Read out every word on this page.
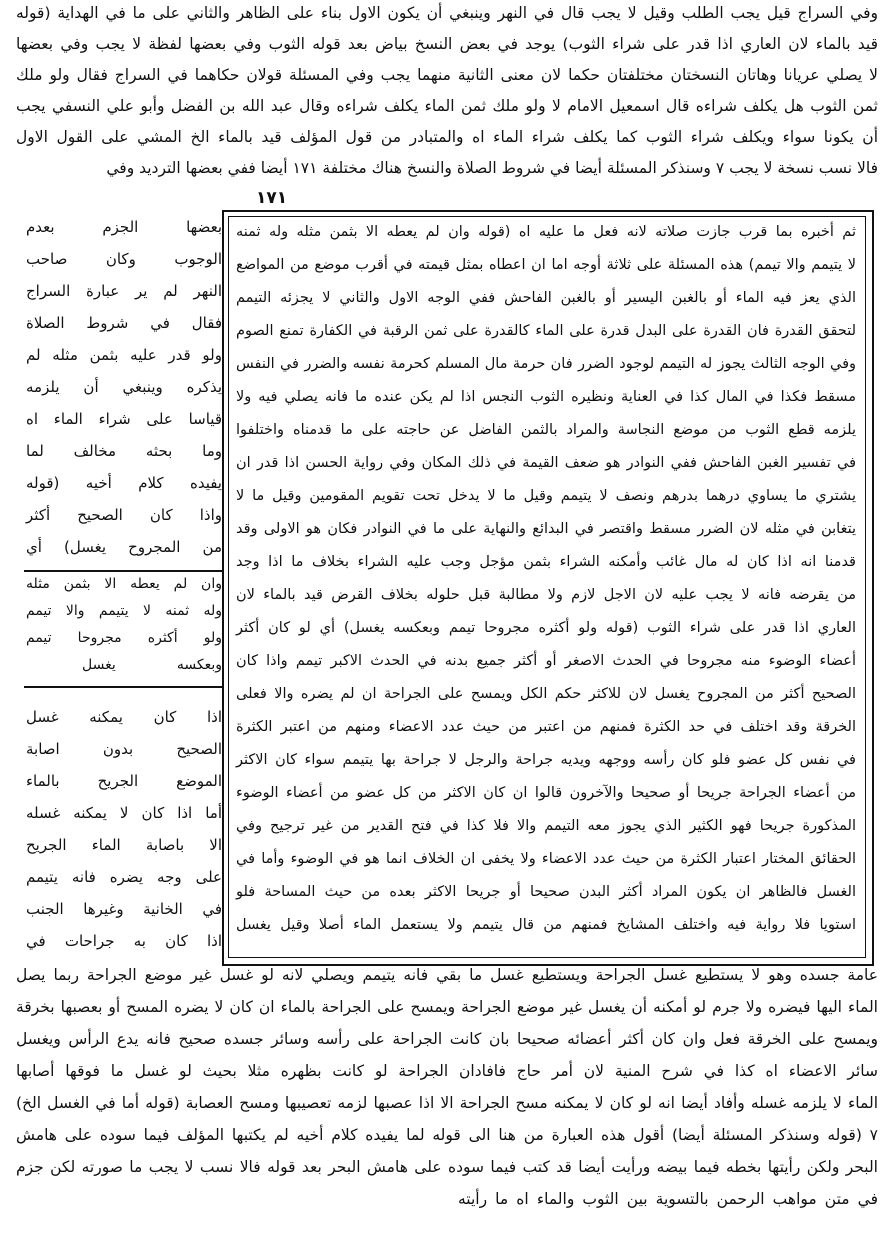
وفي السراج قيل يجب الطلب وقيل لا يجب قال في النهر وينبغي أن يكون الاول بناء على الظاهر والثاني على ما في الهداية (قوله
قيد بالماء لان العاري اذا قدر على شراء الثوب) يوجد في بعض النسخ بياض بعد قوله الثوب وفي بعضها لفظة لا يجب وفي بعضها
لا يصلي عريانا وهاتان النسختان مختلفتان حكما لان معنى الثانية منهما يجب وفي المسئلة قولان حكاهما في السراج فقال ولو ملك
ثمن الثوب هل يكلف شراءه قال اسمعيل الامام لا ولو ملك ثمن الماء يكلف شراءه وقال عبد الله بن الفضل وأبو علي النسفي يجب
أن يكونا سواء ويكلف شراء الثوب كما يكلف شراء الماء اه والمتبادر من قول المؤلف قيد بالماء الخ المشي على القول الاول
فالا نسب نسخة لا يجب ٧ وسنذكر المسئلة أيضا في شروط الصلاة والنسخ هناك مختلفة ١٧١ أيضا ففي بعضها الترديد وفي
١٧١
ثم أخبره بما قرب جازت صلاته لانه فعل ما عليه اه (قوله وان لم يعطه الا بثمن مثله وله ثمنه
لا يتيمم والا تيمم) هذه المسئلة على ثلاثة أوجه اما ان اعطاه بمثل قيمته في أقرب موضع من المواضع
الذي يعز فيه الماء أو بالغبن اليسير أو بالغبن الفاحش ففي الوجه الاول والثاني لا يجزئه التيمم
لتحقق القدرة فان القدرة على البدل قدرة على الماء كالقدرة على ثمن الرقبة في الكفارة تمنع الصوم
وفي الوجه الثالث يجوز له التيمم لوجود الضرر فان حرمة مال المسلم كحرمة نفسه والضرر في النفس
مسقط فكذا في المال كذا في العناية ونظيره الثوب النجس اذا لم يكن عنده ما فانه يصلي فيه ولا
يلزمه قطع الثوب من موضع النجاسة والمراد بالثمن الفاضل عن حاجته على ما قدمناه واختلفوا
في تفسير الغبن الفاحش ففي النوادر هو ضعف القيمة في ذلك المكان وفي رواية الحسن اذا قدر ان
يشتري ما يساوي درهما بدرهم ونصف لا يتيمم وقيل ما لا يدخل تحت تقويم المقومين وقيل ما لا
يتغابن في مثله لان الضرر مسقط واقتصر في البدائع والنهاية على ما في النوادر فكان هو الاولى وقد
قدمنا انه اذا كان له مال غائب وأمكنه الشراء بثمن مؤجل وجب عليه الشراء بخلاف ما اذا وجد
من يقرضه فانه لا يجب عليه لان الاجل لازم ولا مطالبة قبل حلوله بخلاف القرض قيد بالماء لان
العاري اذا قدر على شراء الثوب (قوله ولو أكثره مجروحا تيمم وبعكسه يغسل) أي لو كان أكثر
أعضاء الوضوء منه مجروحا في الحدث الاصغر أو أكثر جميع بدنه في الحدث الاكبر تيمم واذا كان
الصحيح أكثر من المجروح يغسل لان للاكثر حكم الكل ويمسح على الجراحة ان لم يضره والا فعلى
الخرقة وقد اختلف في حد الكثرة فمنهم من اعتبر من حيث عدد الاعضاء ومنهم من اعتبر الكثرة
في نفس كل عضو فلو كان رأسه ووجهه ويديه جراحة والرجل لا جراحة بها يتيمم سواء كان الاكثر
من أعضاء الجراحة جريحا أو صحيحا والآخرون قالوا ان كان الاكثر من كل عضو من أعضاء الوضوء
المذكورة جريحا فهو الكثير الذي يجوز معه التيمم والا فلا كذا في فتح القدير من غير ترجيح وفي
الحقائق المختار اعتبار الكثرة من حيث عدد الاعضاء ولا يخفى ان الخلاف انما هو في الوضوء وأما في
الغسل فالظاهر ان يكون المراد أكثر البدن صحيحا أو جريحا الاكثر بعده من حيث المساحة فلو
استويا فلا رواية فيه واختلف المشايخ فمنهم من قال يتيمم ولا يستعمل الماء أصلا وقيل يغسل
بعضها الجزم بعدم
الوجوب وكان صاحب
النهر لم ير عبارة السراج
فقال في شروط الصلاة
ولو قدر عليه بثمن مثله لم
يذكره وينبغي أن يلزمه
قياسا على شراء الماء اه
وما بحثه مخالف لما
يفيده كلام أخيه (قوله
واذا كان الصحيح أكثر
من المجروح يغسل) أي
وان لم يعطه الا بثمن مثله
وله ثمنه لا يتيمم والا تيمم
ولو أكثره مجروحا تيمم
وبعكسه يغسل
اذا كان يمكنه غسل
الصحيح بدون اصابة
الموضع الجريح بالماء
أما اذا كان لا يمكنه غسله
الا باصابة الماء الجريح
على وجه يضره فانه يتيمم
في الخانية وغيرها الجنب
اذا كان به جراحات في
عامة جسده وهو لا يستطيع غسل الجراحة ويستطيع غسل ما بقي فانه يتيمم ويصلي لانه لو غسل غير موضع الجراحة ربما يصل
الماء اليها فيضره ولا جرم لو أمكنه أن يغسل غير موضع الجراحة ويمسح على الجراحة بالماء ان كان لا يضره المسح أو بعصبها بخرقة
ويمسح على الخرقة فعل وان كان أكثر أعضائه صحيحا بان كانت الجراحة على رأسه وسائر جسده صحيح فانه يدع الرأس ويغسل
سائر الاعضاء اه كذا في شرح المنية لان أمر حاج فافادان الجراحة لو كانت بظهره مثلا بحيث لو غسل ما فوقها أصابها
الماء لا يلزمه غسله وأفاد أيضا انه لو كان لا يمكنه مسح الجراحة الا اذا عصبها لزمه تعصيبها ومسح العصابة (قوله أما في الغسل الخ)
٧ (قوله وسنذكر المسئلة أيضا) أقول هذه العبارة من هنا الى قوله لما يفيده كلام أخيه لم يكتبها المؤلف فيما سوده على هامش
البحر ولكن رأيتها بخطه فيما بيضه ورأيت أيضا قد كتب فيما سوده على هامش البحر بعد قوله فالا نسب لا يجب ما صورته لكن جزم
في متن مواهب الرحمن بالتسوية بين الثوب والماء اه ما رأيته
